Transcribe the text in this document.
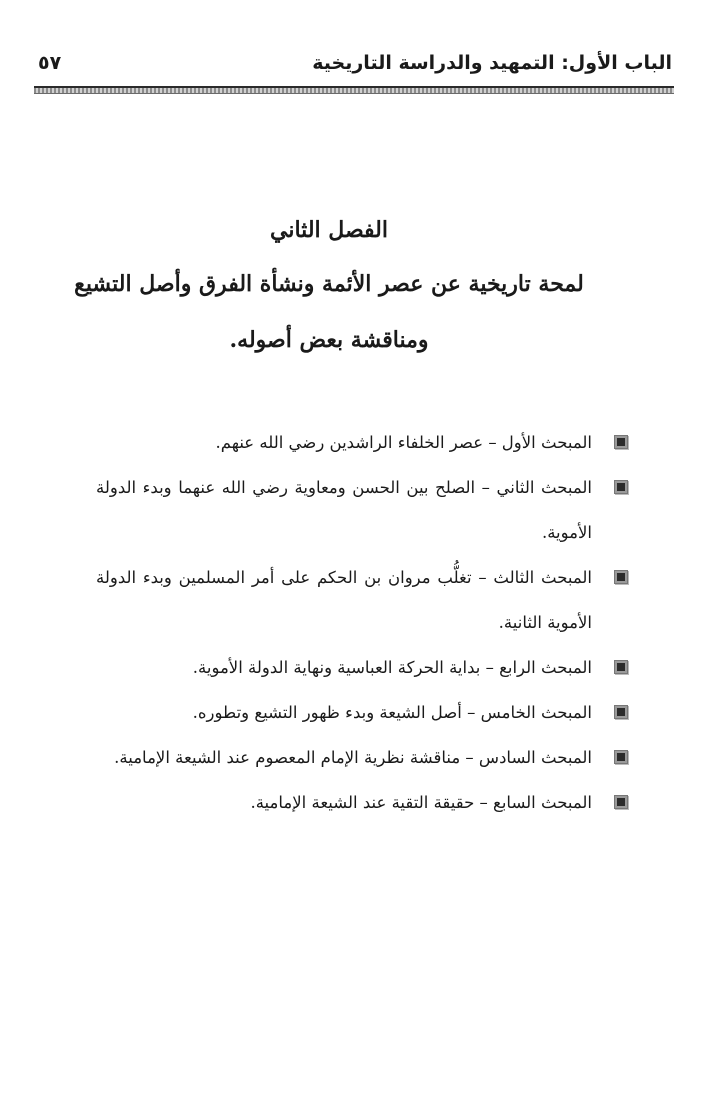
الباب الأول: التمهيد والدراسة التاريخية
٥٧

الفصل الثاني

لمحة تاريخية عن عصر الأئمة ونشأة الفرق وأصل التشيع
ومناقشة بعض أصوله.

المبحث الأول – عصر الخلفاء الراشدين رضي الله عنهم.
المبحث الثاني – الصلح بين الحسن ومعاوية رضي الله عنهما وبدء الدولة الأموية.
المبحث الثالث – تغلُّب مروان بن الحكم على أمر المسلمين وبدء الدولة الأموية الثانية.
المبحث الرابع – بداية الحركة العباسية ونهاية الدولة الأموية.
المبحث الخامس – أصل الشيعة وبدء ظهور التشيع وتطوره.
المبحث السادس – مناقشة نظرية الإمام المعصوم عند الشيعة الإمامية.
المبحث السابع – حقيقة التقية عند الشيعة الإمامية.
